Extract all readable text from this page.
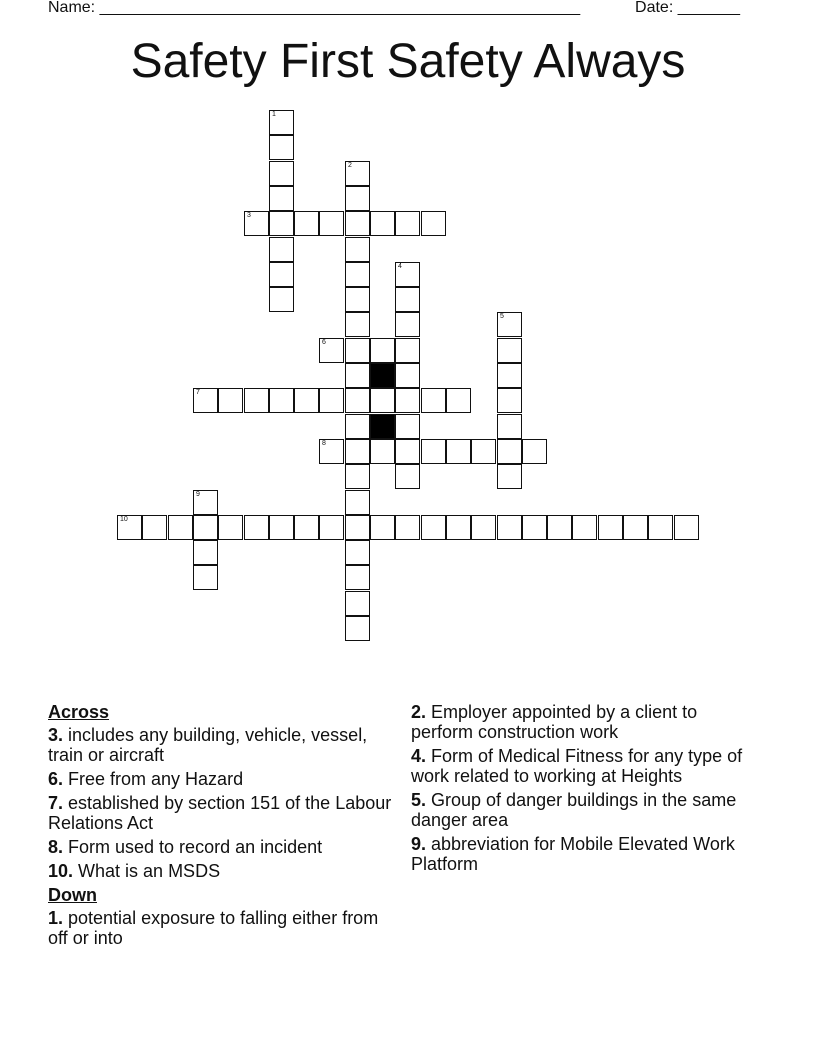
Name: ______________________________________________________	Date: _______
Safety First Safety Always
1
2
3
4
5
6
7
8
9
10
Across
3. includes any building, vehicle, vessel, train or aircraft
6. Free from any Hazard
7. established by section 151 of the Labour Relations Act
8. Form used to record an incident
10. What is an MSDS
Down
1. potential exposure to falling either from off or into
2. Employer appointed by a client to perform construction work
4. Form of Medical Fitness for any type of work related to working at Heights
5. Group of danger buildings in the same danger area
9. abbreviation for Mobile Elevated Work Platform
